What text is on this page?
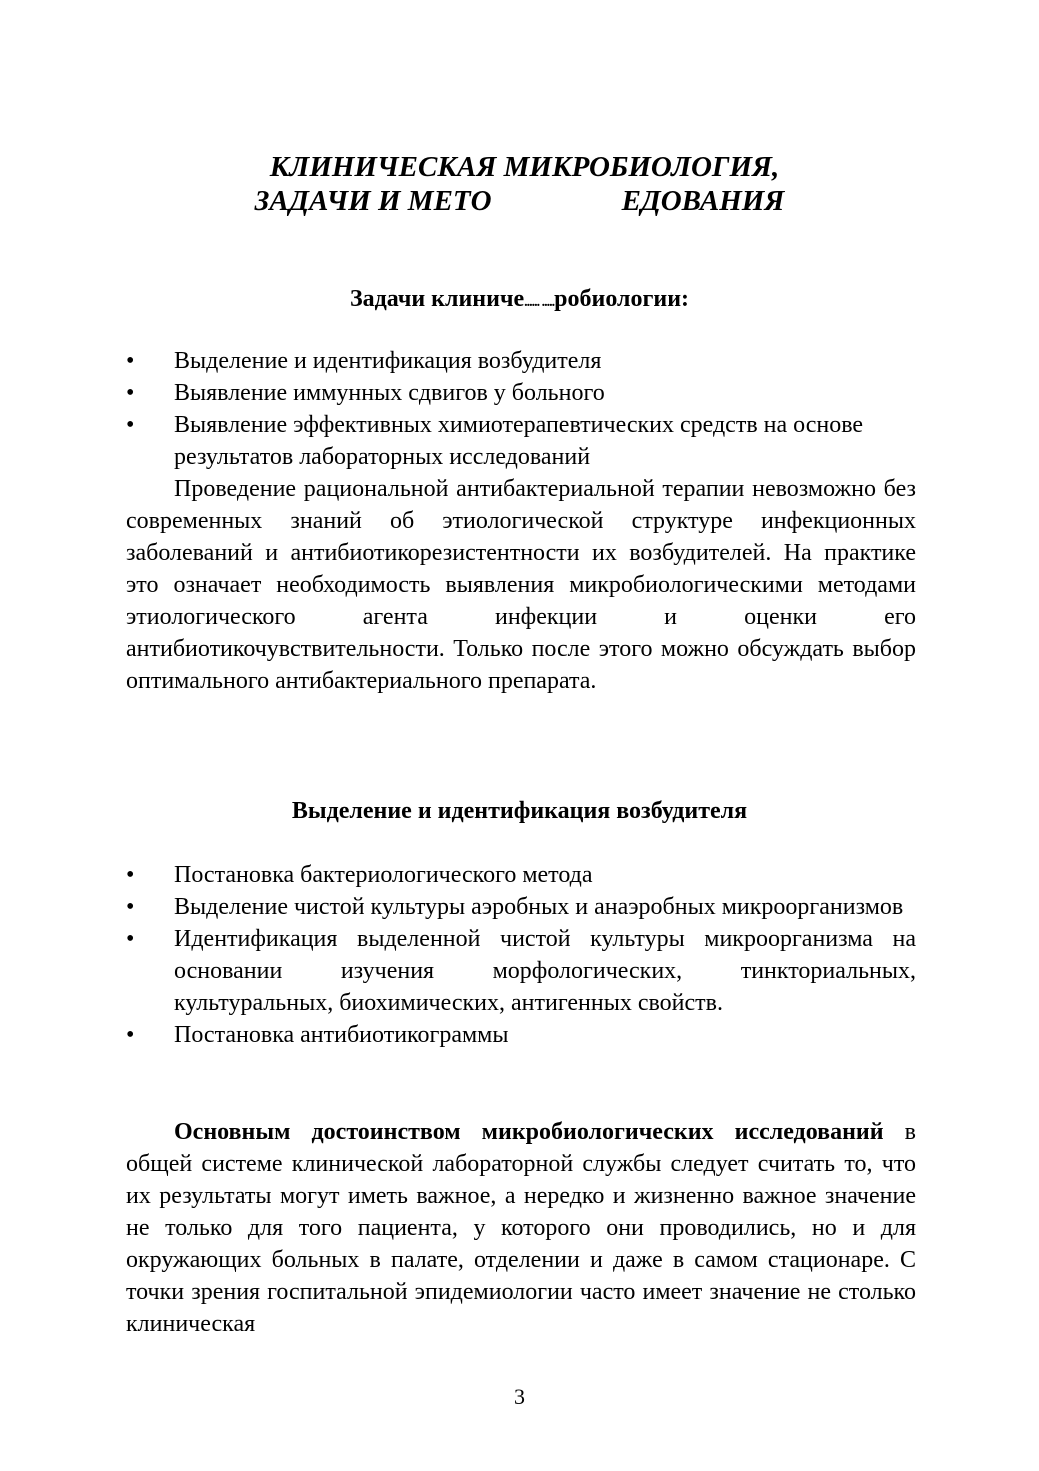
КЛИНИЧЕСКАЯ МИКРОБИОЛОГИЯ,
ЗАДАЧИ И МЕТО	ЕДОВАНИЯ
Задачи клиниче...... .....робиологии:
• Выделение и идентификация возбудителя
• Выявление иммунных сдвигов у больного
• Выявление эффективных химиотерапевтических средств на основе результатов лабораторных исследований

Проведение рациональной антибактериальной терапии невозможно без современных знаний об этиологической структуре инфекционных заболеваний и антибиотикорезистентности их возбудителей. На практике это означает необходимость выявления микробиологическими методами этиологического агента инфекции и оценки его антибиотикочувствительности. Только после этого можно обсуждать выбор оптимального антибактериального препарата.

Выделение и идентификация возбудителя
• Постановка бактериологического метода
• Выделение чистой культуры аэробных и анаэробных микроорганизмов
• Идентификация выделенной чистой культуры микроорганизма на основании изучения морфологических, тинкториальных, культуральных, биохимических, антигенных свойств.
• Постановка антибиотикограммы

Основным достоинством микробиологических исследований в общей системе клинической лабораторной службы следует считать то, что их результаты могут иметь важное, а нередко и жизненно важное значение не только для того пациента, у которого они проводились, но и для окружающих больных в палате, отделении и даже в самом стационаре. С точки зрения госпитальной эпидемиологии часто имеет значение не столько клиническая

3
